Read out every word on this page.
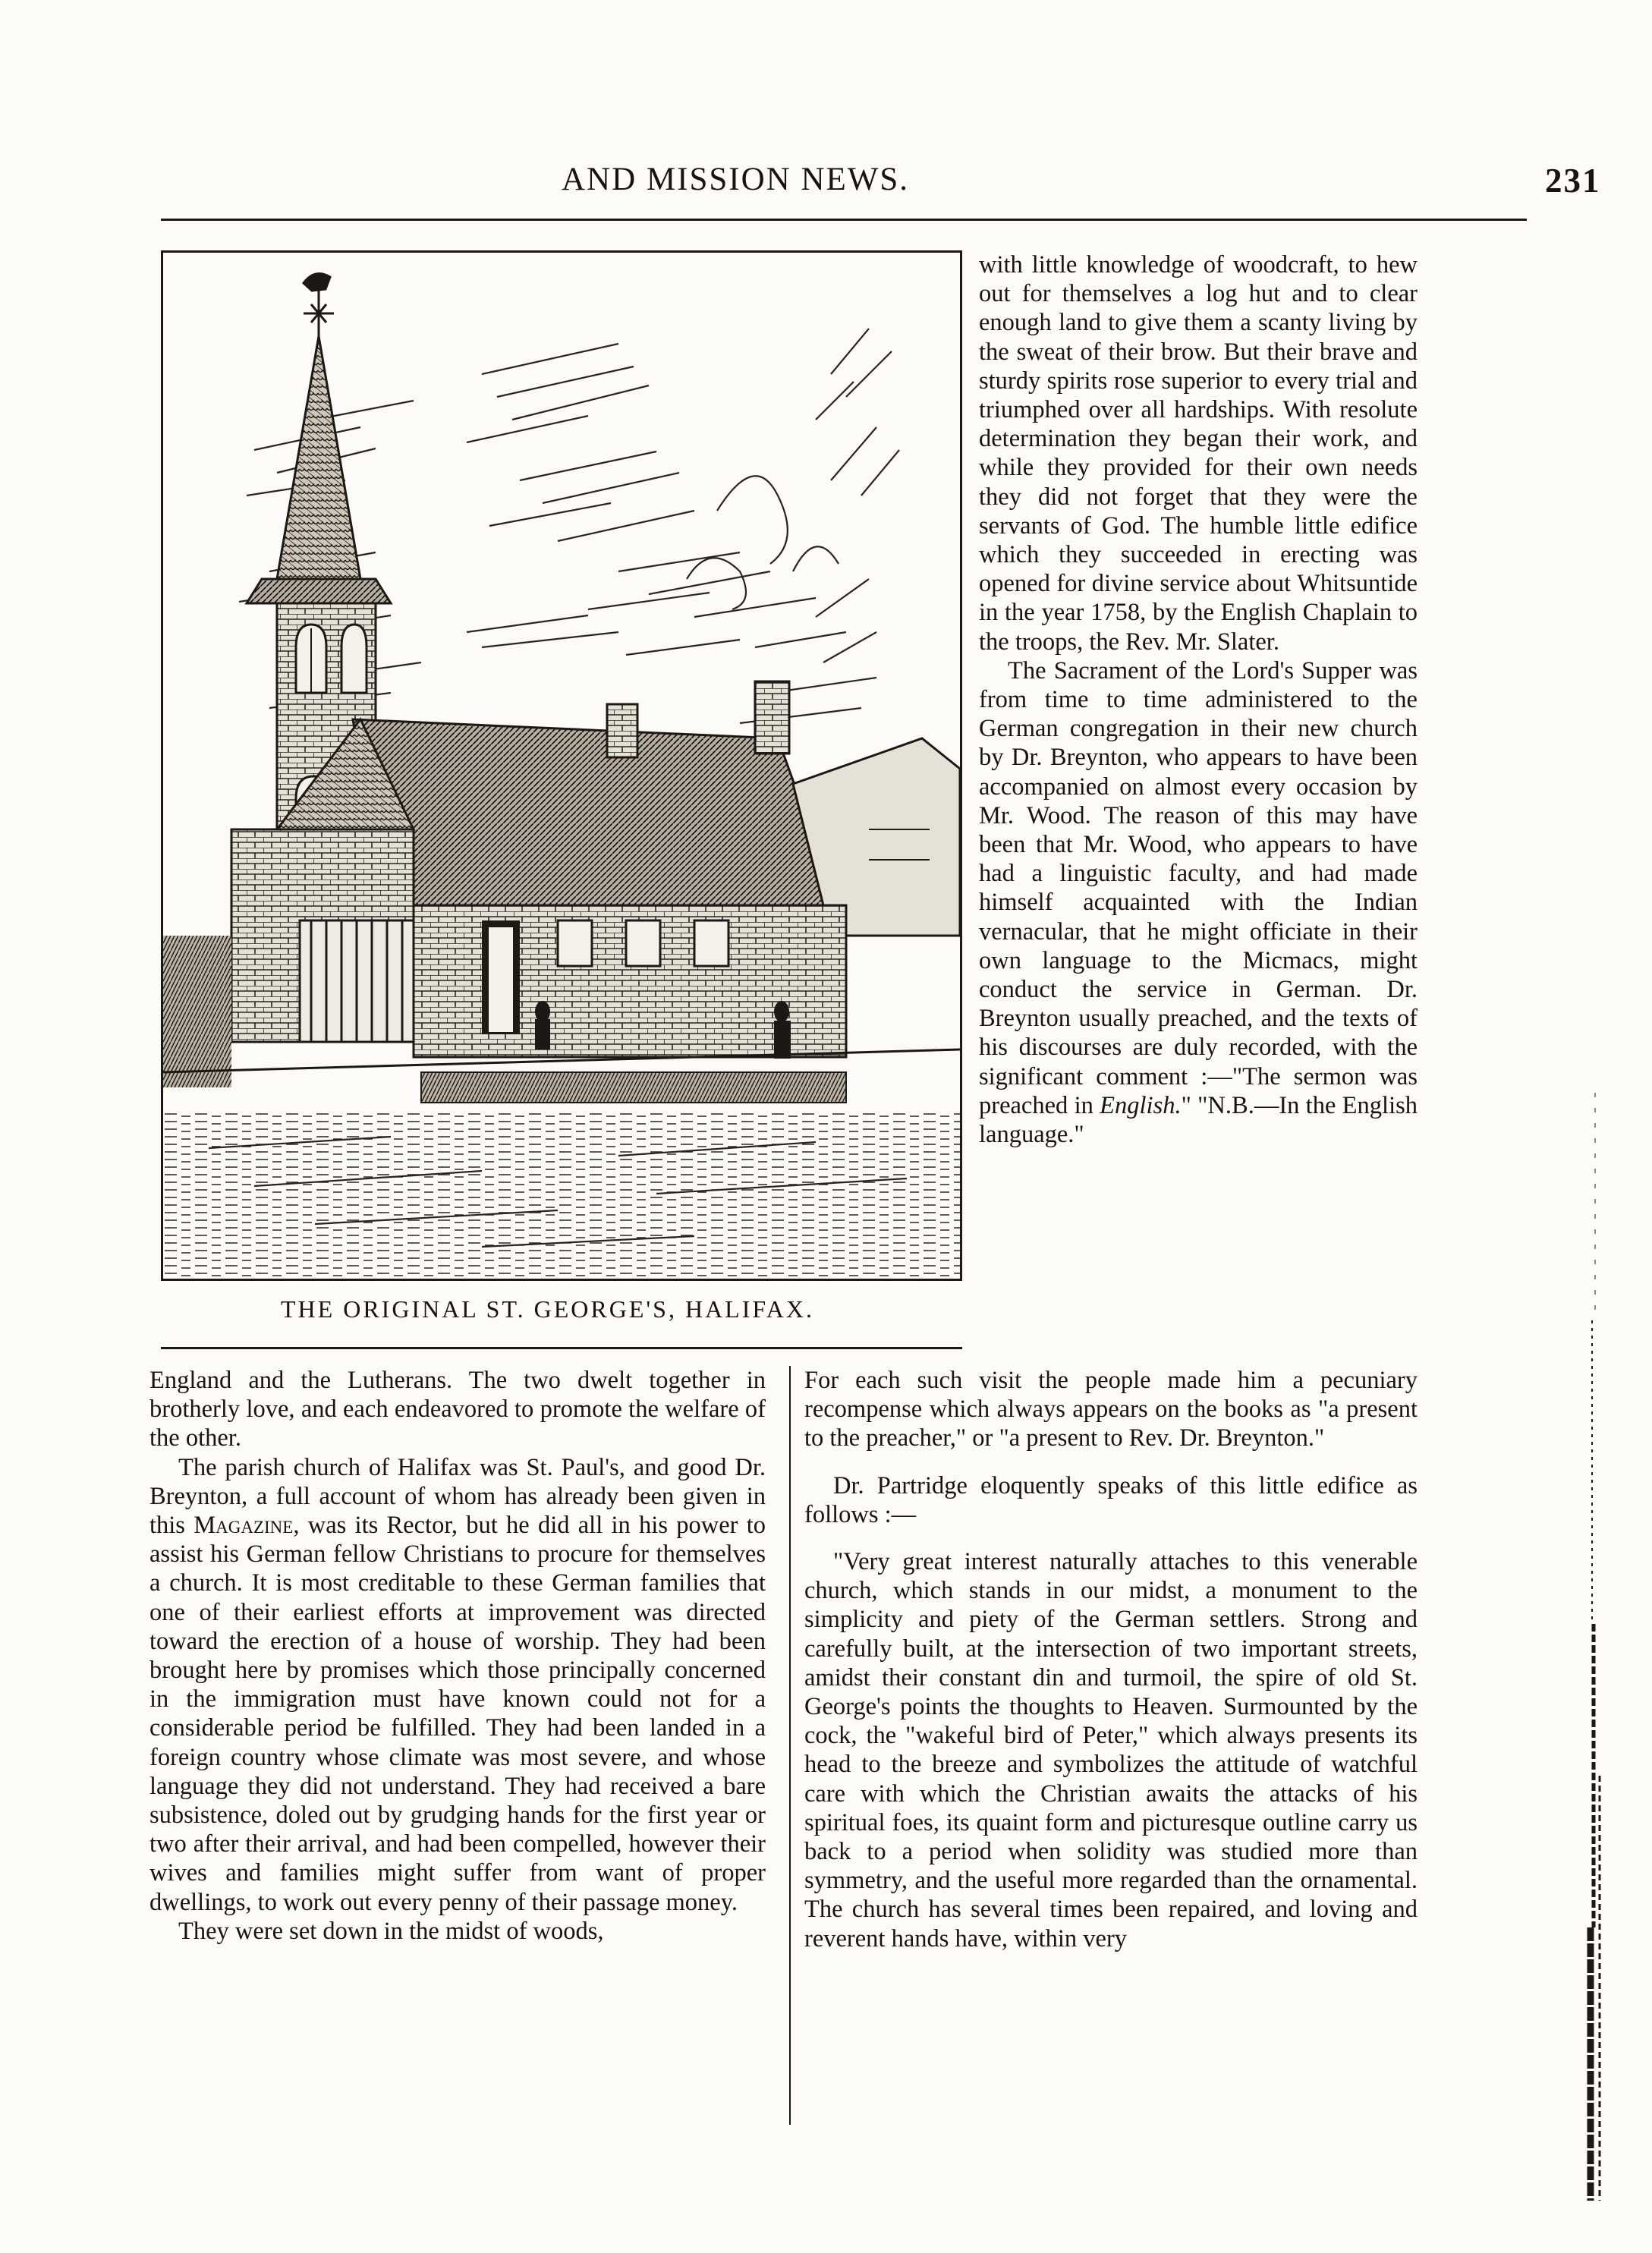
AND MISSION NEWS.	231
THE ORIGINAL ST. GEORGE'S, HALIFAX.

with little knowledge of woodcraft, to hew out for themselves a log hut and to clear enough land to give them a scanty living by the sweat of their brow. But their brave and sturdy spirits rose superior to every trial and triumphed over all hardships. With resolute determination they began their work, and while they provided for their own needs they did not forget that they were the servants of God. The humble little edifice which they succeeded in erecting was opened for divine service about Whitsuntide in the year 1758, by the English Chaplain to the troops, the Rev. Mr. Slater.

The Sacrament of the Lord's Supper was from time to time administered to the German congregation in their new church by Dr. Breynton, who appears to have been accompanied on almost every occasion by Mr. Wood. The reason of this may have been that Mr. Wood, who appears to have had a linguistic faculty, and had made himself acquainted with the Indian vernacular, that he might officiate in their own language to the Micmacs, might conduct the service in German. Dr. Breynton usually preached, and the texts of his discourses are duly recorded, with the significant comment :—"The sermon was preached in English." "N.B.—In the English language."

England and the Lutherans. The two dwelt together in brotherly love, and each endeavored to promote the welfare of the other.

The parish church of Halifax was St. Paul's, and good Dr. Breynton, a full account of whom has already been given in this Magazine, was its Rector, but he did all in his power to assist his German fellow Christians to procure for themselves a church. It is most creditable to these German families that one of their earliest efforts at improvement was directed toward the erection of a house of worship. They had been brought here by promises which those principally concerned in the immigration must have known could not for a considerable period be fulfilled. They had been landed in a foreign country whose climate was most severe, and whose language they did not understand. They had received a bare subsistence, doled out by grudging hands for the first year or two after their arrival, and had been compelled, however their wives and families might suffer from want of proper dwellings, to work out every penny of their passage money.

They were set down in the midst of woods,

For each such visit the people made him a pecuniary recompense which always appears on the books as "a present to the preacher," or "a present to Rev. Dr. Breynton."

Dr. Partridge eloquently speaks of this little edifice as follows :—

"Very great interest naturally attaches to this venerable church, which stands in our midst, a monument to the simplicity and piety of the German settlers. Strong and carefully built, at the intersection of two important streets, amidst their constant din and turmoil, the spire of old St. George's points the thoughts to Heaven. Surmounted by the cock, the "wakeful bird of Peter," which always presents its head to the breeze and symbolizes the attitude of watchful care with which the Christian awaits the attacks of his spiritual foes, its quaint form and picturesque outline carry us back to a period when solidity was studied more than symmetry, and the useful more regarded than the ornamental. The church has several times been repaired, and loving and reverent hands have, within very
